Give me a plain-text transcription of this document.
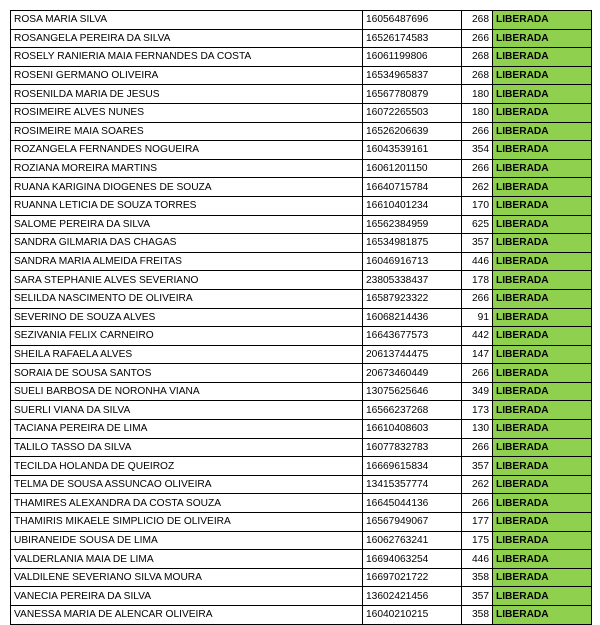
ROSA MARIA SILVA	16056487696	268	LIBERADA
ROSANGELA PEREIRA DA SILVA	16526174583	266	LIBERADA
ROSELY RANIERIA MAIA FERNANDES DA COSTA	16061199806	268	LIBERADA
ROSENI GERMANO OLIVEIRA	16534965837	268	LIBERADA
ROSENILDA MARIA DE JESUS	16567780879	180	LIBERADA
ROSIMEIRE ALVES NUNES	16072265503	180	LIBERADA
ROSIMEIRE MAIA SOARES	16526206639	266	LIBERADA
ROZANGELA FERNANDES NOGUEIRA	16043539161	354	LIBERADA
ROZIANA MOREIRA MARTINS	16061201150	266	LIBERADA
RUANA KARIGINA DIOGENES DE SOUZA	16640715784	262	LIBERADA
RUANNA LETICIA DE SOUZA TORRES	16610401234	170	LIBERADA
SALOME PEREIRA DA SILVA	16562384959	625	LIBERADA
SANDRA GILMARIA DAS CHAGAS	16534981875	357	LIBERADA
SANDRA MARIA ALMEIDA FREITAS	16046916713	446	LIBERADA
SARA STEPHANIE ALVES SEVERIANO	23805338437	178	LIBERADA
SELILDA NASCIMENTO DE OLIVEIRA	16587923322	266	LIBERADA
SEVERINO DE SOUZA ALVES	16068214436	91	LIBERADA
SEZIVANIA FELIX CARNEIRO	16643677573	442	LIBERADA
SHEILA RAFAELA ALVES	20613744475	147	LIBERADA
SORAIA DE SOUSA SANTOS	20673460449	266	LIBERADA
SUELI BARBOSA DE NORONHA VIANA	13075625646	349	LIBERADA
SUERLI VIANA DA SILVA	16566237268	173	LIBERADA
TACIANA PEREIRA DE LIMA	16610408603	130	LIBERADA
TALILO TASSO DA SILVA	16077832783	266	LIBERADA
TECILDA HOLANDA DE QUEIROZ	16669615834	357	LIBERADA
TELMA DE SOUSA ASSUNCAO OLIVEIRA	13415357774	262	LIBERADA
THAMIRES ALEXANDRA DA COSTA SOUZA	16645044136	266	LIBERADA
THAMIRIS MIKAELE SIMPLICIO DE OLIVEIRA	16567949067	177	LIBERADA
UBIRANEIDE SOUSA DE LIMA	16062763241	175	LIBERADA
VALDERLANIA MAIA DE LIMA	16694063254	446	LIBERADA
VALDILENE SEVERIANO SILVA MOURA	16697021722	358	LIBERADA
VANECIA PEREIRA DA SILVA	13602421456	357	LIBERADA
VANESSA MARIA DE ALENCAR OLIVEIRA	16040210215	358	LIBERADA
